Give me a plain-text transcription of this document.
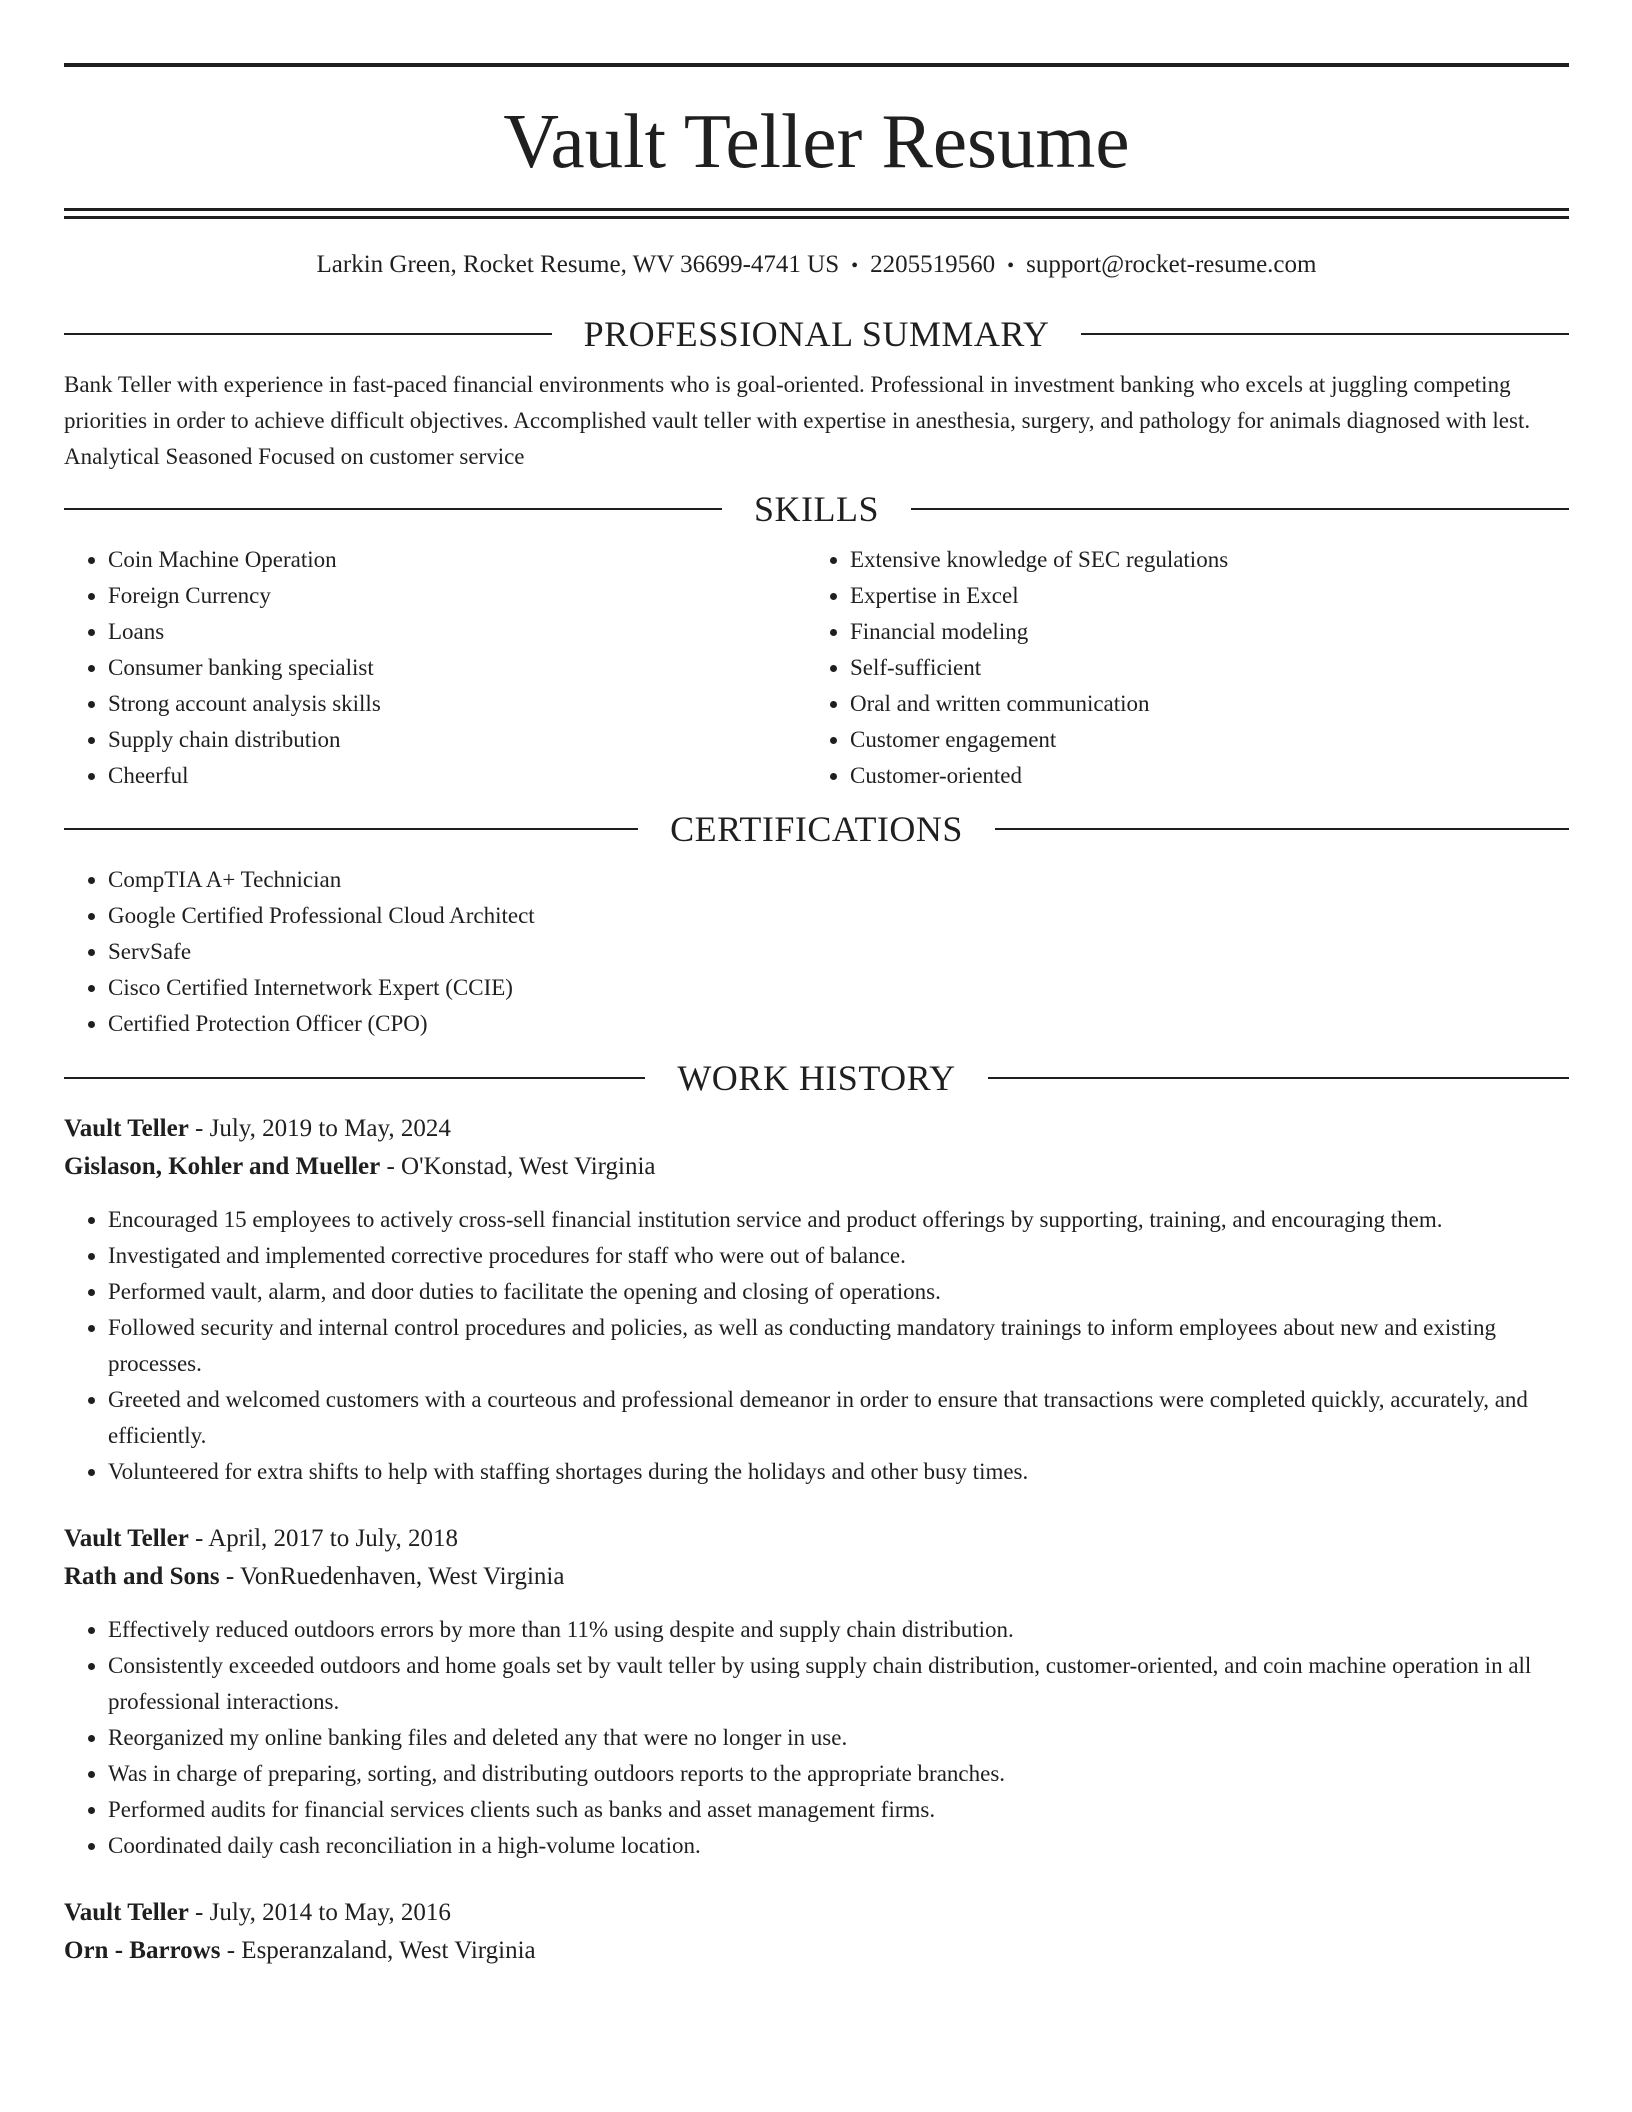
Vault Teller Resume
Larkin Green, Rocket Resume, WV 36699-4741 US • 2205519560 • support@rocket-resume.com
PROFESSIONAL SUMMARY

Bank Teller with experience in fast-paced financial environments who is goal-oriented. Professional in investment banking who excels at juggling competing priorities in order to achieve difficult objectives. Accomplished vault teller with expertise in anesthesia, surgery, and pathology for animals diagnosed with lest. Analytical Seasoned Focused on customer service

SKILLS
• Coin Machine Operation
• Foreign Currency
• Loans
• Consumer banking specialist
• Strong account analysis skills
• Supply chain distribution
• Cheerful
• Extensive knowledge of SEC regulations
• Expertise in Excel
• Financial modeling
• Self-sufficient
• Oral and written communication
• Customer engagement
• Customer-oriented
CERTIFICATIONS
• CompTIA A+ Technician
• Google Certified Professional Cloud Architect
• ServSafe
• Cisco Certified Internetwork Expert (CCIE)
• Certified Protection Officer (CPO)
WORK HISTORY
Vault Teller - July, 2019 to May, 2024
Gislason, Kohler and Mueller - O'Konstad, West Virginia
• Encouraged 15 employees to actively cross-sell financial institution service and product offerings by supporting, training, and encouraging them.
• Investigated and implemented corrective procedures for staff who were out of balance.
• Performed vault, alarm, and door duties to facilitate the opening and closing of operations.
• Followed security and internal control procedures and policies, as well as conducting mandatory trainings to inform employees about new and existing processes.
• Greeted and welcomed customers with a courteous and professional demeanor in order to ensure that transactions were completed quickly, accurately, and efficiently.
• Volunteered for extra shifts to help with staffing shortages during the holidays and other busy times.
Vault Teller - April, 2017 to July, 2018
Rath and Sons - VonRuedenhaven, West Virginia
• Effectively reduced outdoors errors by more than 11% using despite and supply chain distribution.
• Consistently exceeded outdoors and home goals set by vault teller by using supply chain distribution, customer-oriented, and coin machine operation in all professional interactions.
• Reorganized my online banking files and deleted any that were no longer in use.
• Was in charge of preparing, sorting, and distributing outdoors reports to the appropriate branches.
• Performed audits for financial services clients such as banks and asset management firms.
• Coordinated daily cash reconciliation in a high-volume location.
Vault Teller - July, 2014 to May, 2016
Orn - Barrows - Esperanzaland, West Virginia
